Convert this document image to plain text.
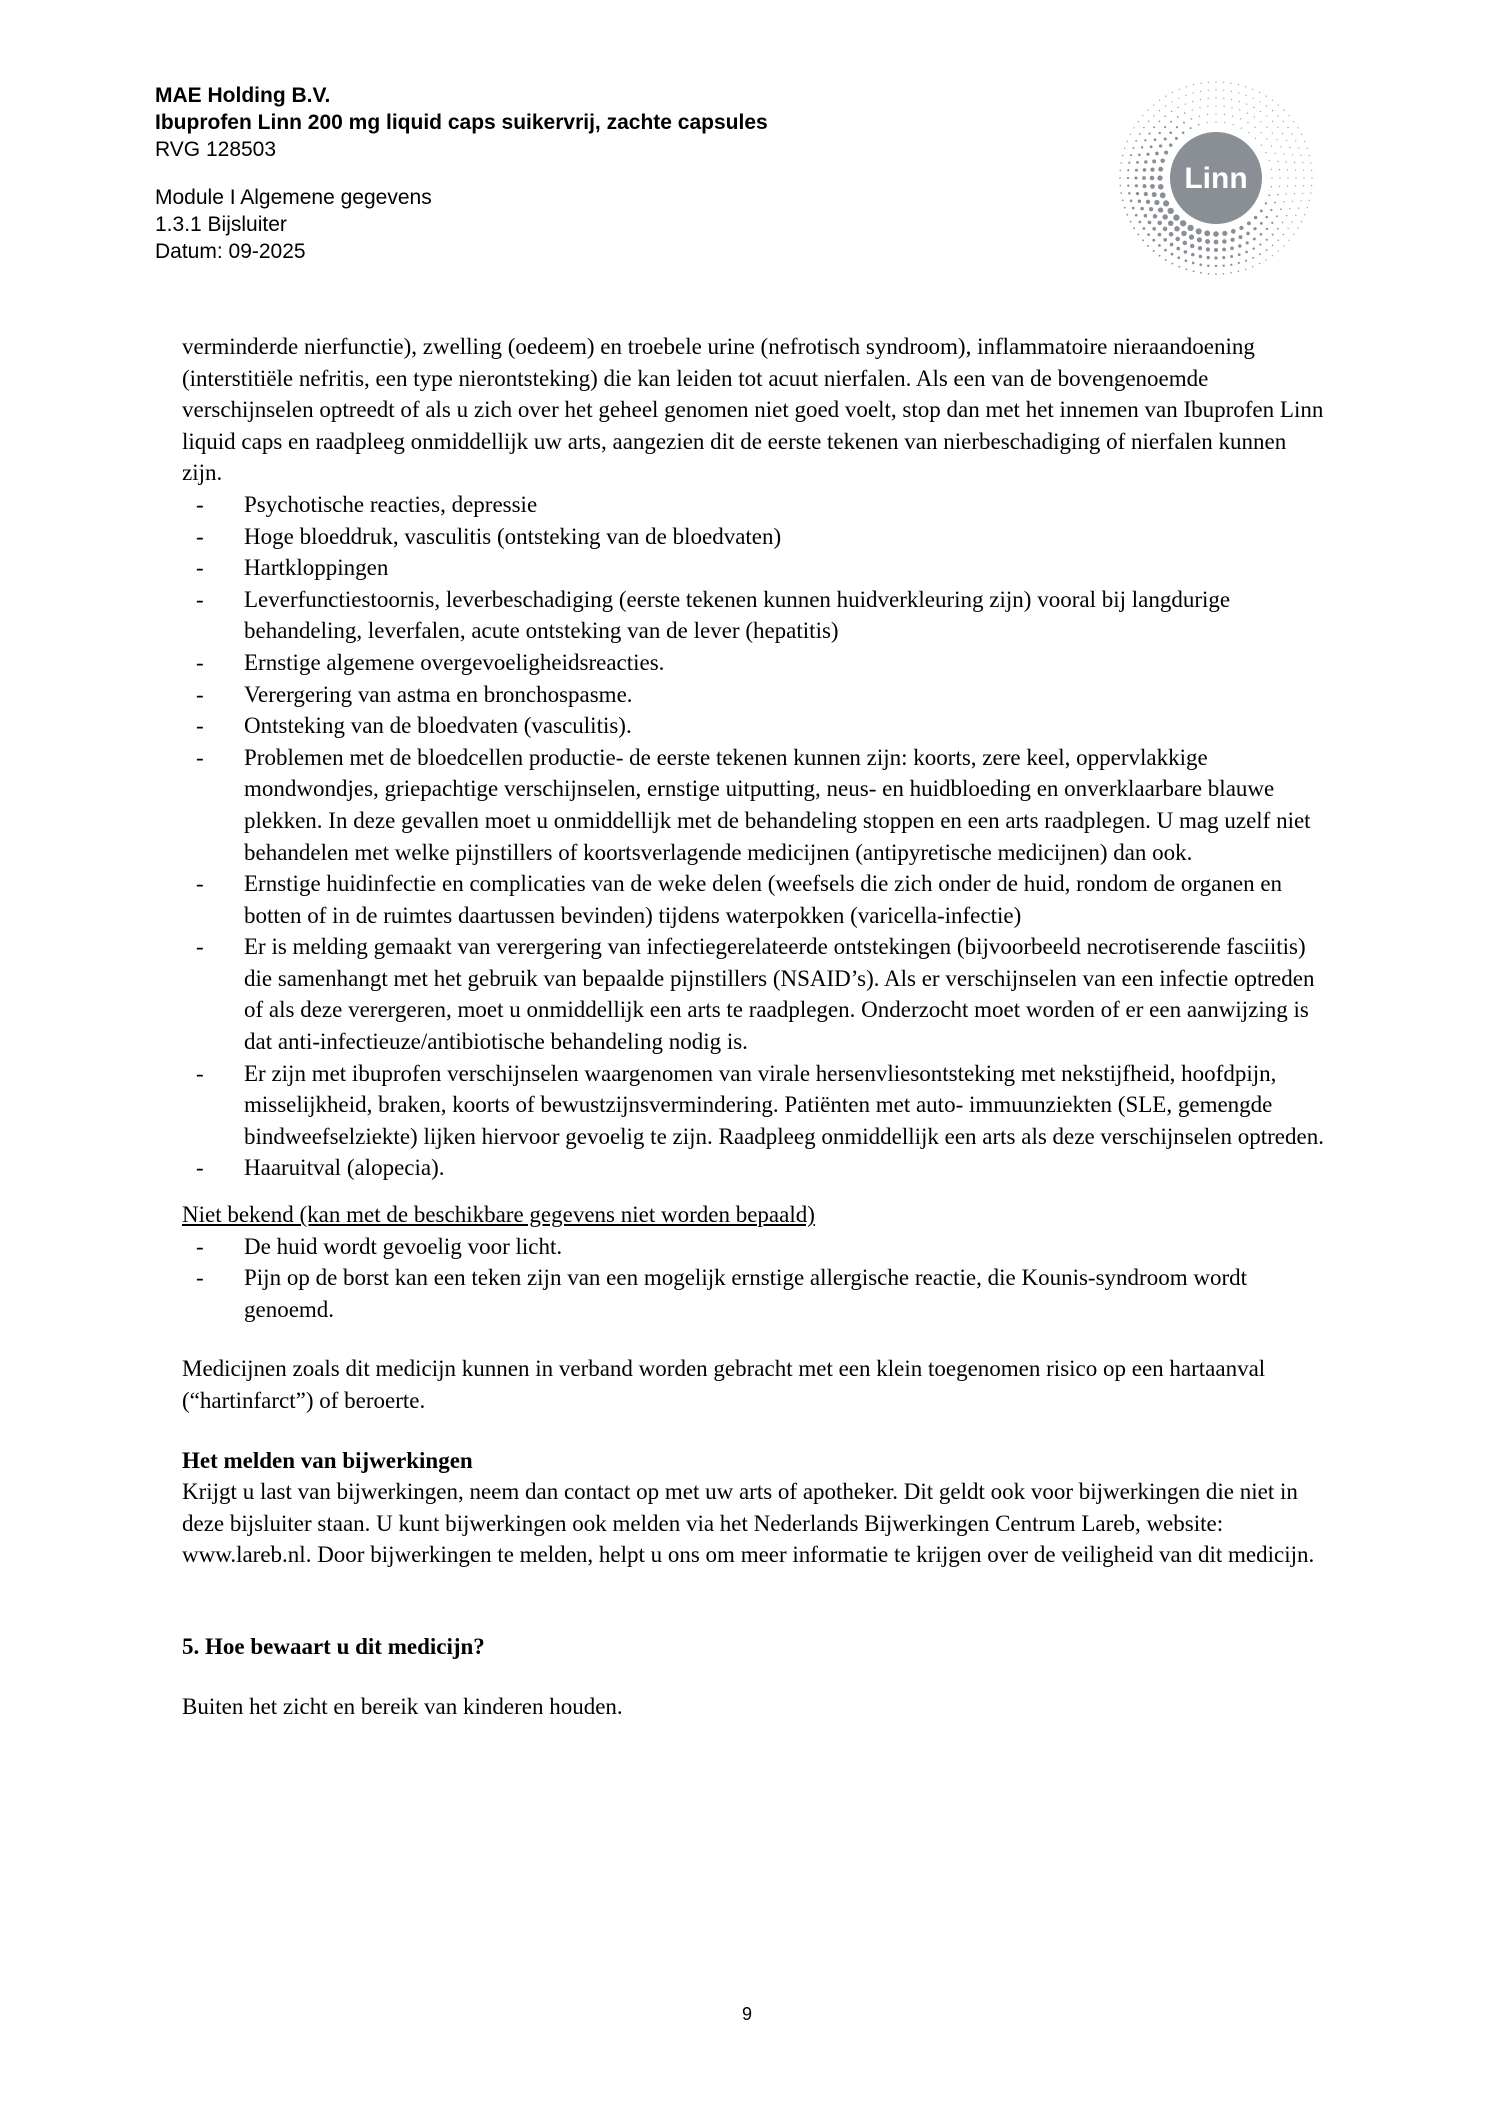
MAE Holding B.V.
Ibuprofen Linn 200 mg liquid caps suikervrij, zachte capsules
RVG 128503
Module I Algemene gegevens
1.3.1 Bijsluiter
Datum: 09-2025
Linn

verminderde nierfunctie), zwelling (oedeem) en troebele urine (nefrotisch syndroom), inflammatoire nieraandoening (interstitiële nefritis, een type nierontsteking) die kan leiden tot acuut nierfalen. Als een van de bovengenoemde verschijnselen optreedt of als u zich over het geheel genomen niet goed voelt, stop dan met het innemen van Ibuprofen Linn liquid caps en raadpleeg onmiddellijk uw arts, aangezien dit de eerste tekenen van nierbeschadiging of nierfalen kunnen zijn.

- Psychotische reacties, depressie
- Hoge bloeddruk, vasculitis (ontsteking van de bloedvaten)
- Hartkloppingen
- Leverfunctiestoornis, leverbeschadiging (eerste tekenen kunnen huidverkleuring zijn) vooral bij langdurige behandeling, leverfalen, acute ontsteking van de lever (hepatitis)
- Ernstige algemene overgevoeligheidsreacties.
- Verergering van astma en bronchospasme.
- Ontsteking van de bloedvaten (vasculitis).
- Problemen met de bloedcellen productie- de eerste tekenen kunnen zijn: koorts, zere keel, oppervlakkige mondwondjes, griepachtige verschijnselen, ernstige uitputting, neus- en huidbloeding en onverklaarbare blauwe plekken. In deze gevallen moet u onmiddellijk met de behandeling stoppen en een arts raadplegen. U mag uzelf niet behandelen met welke pijnstillers of koortsverlagende medicijnen (antipyretische medicijnen) dan ook.
- Ernstige huidinfectie en complicaties van de weke delen (weefsels die zich onder de huid, rondom de organen en botten of in de ruimtes daartussen bevinden) tijdens waterpokken (varicella-infectie)
- Er is melding gemaakt van verergering van infectiegerelateerde ontstekingen (bijvoorbeeld necrotiserende fasciitis) die samenhangt met het gebruik van bepaalde pijnstillers (NSAID’s). Als er verschijnselen van een infectie optreden of als deze verergeren, moet u onmiddellijk een arts te raadplegen. Onderzocht moet worden of er een aanwijzing is dat anti-infectieuze/antibiotische behandeling nodig is.
- Er zijn met ibuprofen verschijnselen waargenomen van virale hersenvliesontsteking met nekstijfheid, hoofdpijn, misselijkheid, braken, koorts of bewustzijnsvermindering. Patiënten met auto- immuunziekten (SLE, gemengde bindweefselziekte) lijken hiervoor gevoelig te zijn. Raadpleeg onmiddellijk een arts als deze verschijnselen optreden.
- Haaruitval (alopecia).

Niet bekend (kan met de beschikbare gegevens niet worden bepaald)

- De huid wordt gevoelig voor licht.
- Pijn op de borst kan een teken zijn van een mogelijk ernstige allergische reactie, die Kounis-syndroom wordt genoemd.

Medicijnen zoals dit medicijn kunnen in verband worden gebracht met een klein toegenomen risico op een hartaanval (“hartinfarct”) of beroerte.

Het melden van bijwerkingen

Krijgt u last van bijwerkingen, neem dan contact op met uw arts of apotheker. Dit geldt ook voor bijwerkingen die niet in deze bijsluiter staan. U kunt bijwerkingen ook melden via het Nederlands Bijwerkingen Centrum Lareb, website: www.lareb.nl. Door bijwerkingen te melden, helpt u ons om meer informatie te krijgen over de veiligheid van dit medicijn.

5. Hoe bewaart u dit medicijn?

Buiten het zicht en bereik van kinderen houden.

9
